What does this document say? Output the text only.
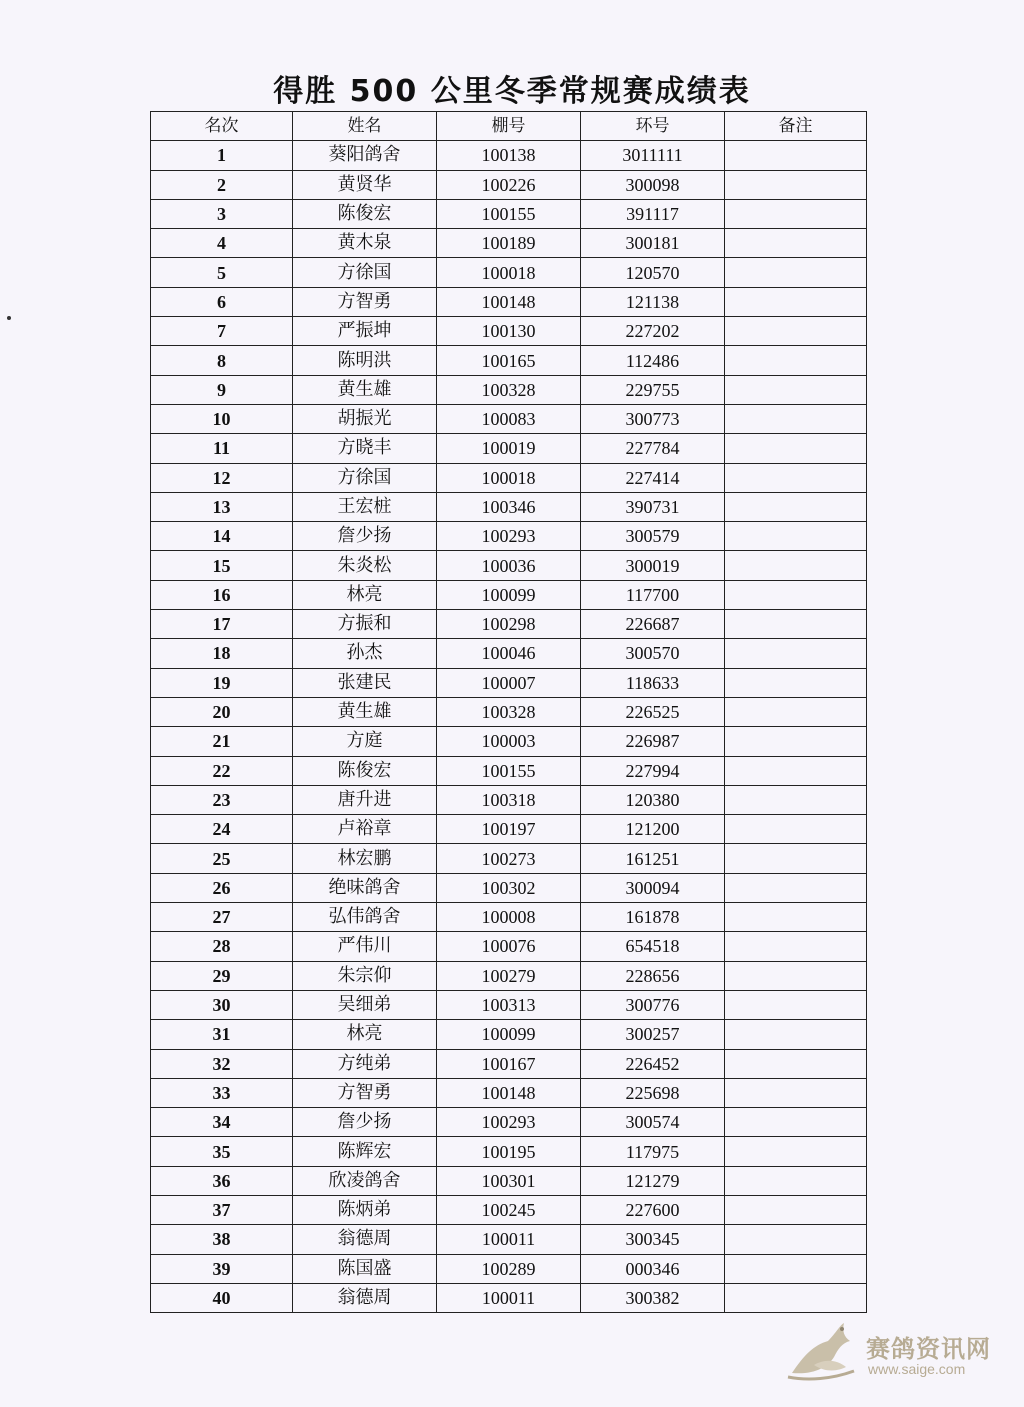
得胜 500 公里冬季常规赛成绩表
名次	姓名	棚号	环号	备注
1	葵阳鸽舍	100138	3011111	
2	黄贤华	100226	300098	
3	陈俊宏	100155	391117	
4	黄木泉	100189	300181	
5	方徐国	100018	120570	
6	方智勇	100148	121138	
7	严振坤	100130	227202	
8	陈明洪	100165	112486	
9	黄生雄	100328	229755	
10	胡振光	100083	300773	
11	方晓丰	100019	227784	
12	方徐国	100018	227414	
13	王宏桩	100346	390731	
14	詹少扬	100293	300579	
15	朱炎松	100036	300019	
16	林亮	100099	117700	
17	方振和	100298	226687	
18	孙杰	100046	300570	
19	张建民	100007	118633	
20	黄生雄	100328	226525	
21	方庭	100003	226987	
22	陈俊宏	100155	227994	
23	唐升进	100318	120380	
24	卢裕章	100197	121200	
25	林宏鹏	100273	161251	
26	绝味鸽舍	100302	300094	
27	弘伟鸽舍	100008	161878	
28	严伟川	100076	654518	
29	朱宗仰	100279	228656	
30	吴细弟	100313	300776	
31	林亮	100099	300257	
32	方纯弟	100167	226452	
33	方智勇	100148	225698	
34	詹少扬	100293	300574	
35	陈辉宏	100195	117975	
36	欣凌鸽舍	100301	121279	
37	陈炳弟	100245	227600	
38	翁德周	100011	300345	
39	陈国盛	100289	000346	
40	翁德周	100011	300382	
赛鸽资讯网
www.saige.com
